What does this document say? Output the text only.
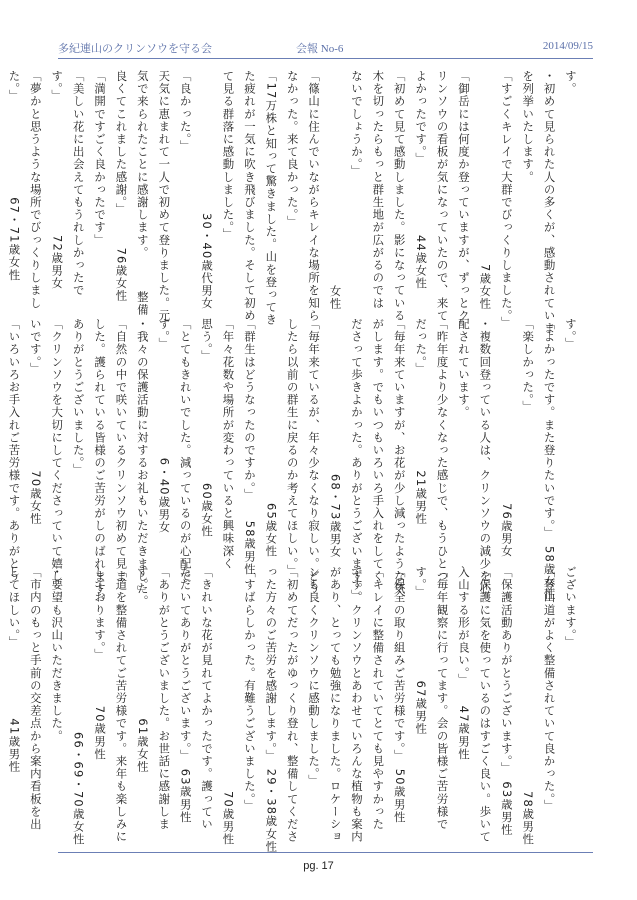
多紀連山のクリンソウを守る会	会報 No-6	2014/09/15
す。
・初めて見られた人の多くが、感動されていま
を列挙いたします。
「すごくキレイで大群でびっくりしました。」
7歳女性
「御岳には何度か登っていますが、ずっとク
リンソウの看板が気になっていたので、来て
よかったです。」　　　　　　44歳女性
「初めて見て感動しました。影になっている
木を切ったらもっと群生地が広がるのでは
ないでしょうか。」
女性
「篠山に住んでいながらキレイな場所を知ら
なかった。来て良かった。」
「17万株と知って驚きました。山を登ってき
た疲れが一気に吹き飛びました。そして初め
て見る群落に感動しました。」
30・40歳代男女
「良かった。」
天気に恵まれて一人で初めて登りました。元
気で来られたことに感謝します。　　　整備
良くてこれました感謝。」　　　76歳女性
「満開ですごく良かったです」
「美しい花に出会えてもうれしかったで
す。」　　　　　　　　　　　72歳男女
「夢かと思うような場所でびっくりしまし
た。」　　　　　　　　67・71歳女性
す。」
「よかったです。また登りたいです。」　58歳女性
「楽しかった。」
76歳男女
・複数回登っている人は、クリンソウの減少を心
配されています。
「昨年度より少なくなった感じで、もうひとつ
だった。」　　　　　　　　21歳男性
「毎年来ていますが、お花が少し減ったような気
がします。でもいつもいろいろ手入れをしてく
ださって歩きよかった。ありがとうございます。」
68・73歳男女
「毎年来ているが、年々少なくなり寂しい。どう
したら以前の群生に戻るのか考えてほしい。」
65歳女性
「群生はどうなったのですか。」　　58歳男性
「年々花数や場所が変わっていると興味深く
思う。」　　　　　　　　　　60歳女性
「とてもきれいでした。減っているのが心配で
す。」　　　　　　　　　6・40歳男女
・我々の保護活動に対するお礼もいただきました。
「自然の中で咲いているクリンソウ初めて見ま
した。護られている皆様のご苦労がしのばれます。
ありがとうございました。」
「クリンソウを大切にしてくださっていて嬉し
いです。」　　　　　　　　70歳女性
「いろいろお手入れご苦労様です。ありがとう
ございます。」
「登山道がよく整備されていて良かった。」
78歳男性
「保護活動ありがとうございます。」　63歳男性
「保護に気を使っているのはすごく良い。歩いて
入山する形が良い。」　　47歳男性
「毎年観察に行ってます。会の皆様ご苦労様で
す。」　　　　　　　67歳男性
「保全の取り組みご苦労様です。」　50歳男性
「キレイに整備されていてとても見やすかった
です。クリンソウとあわせていろんな植物も案内
があり、とっても勉強になりました。ロケーショ
ンも良くクリンソウに感動しました。」
「初めてだったがゆっくり登れ、整備してくださ
った方々のご苦労を感謝します。」　29・38歳女性
「すばらしかった。有難うございました。」
70歳男性
「きれいな花が見れてよかったです。護ってい
ただいてありがとうございます。」　63歳男性
「ありがとうございました。お世話に感謝しま
す。」　　　　　　　　　　61歳女性
「道を整備されてご苦労様です。来年も楽しみに
しております。」　　　　70歳男性
66・69・70歳女性
・要望も沢山いただきました。
「市内のもっと手前の交差点から案内看板を出
してほしい。」　　　　　　41歳男性
pg. 17
